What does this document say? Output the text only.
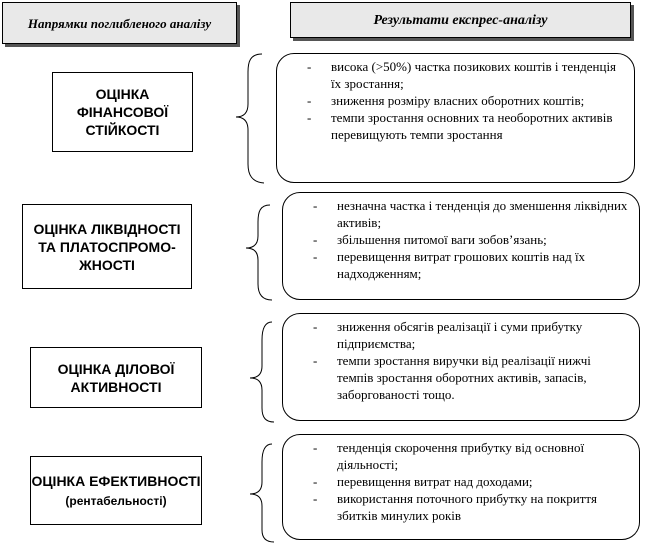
Напрямки поглибленого аналізу	Результати експрес-аналізу
ОЦІНКА ФІНАНСОВОЇ СТІЙКОСТІ
- висока (>50%) частка позикових коштів і тенденція їх зростання;
- зниження розміру власних оборотних коштів;
- темпи зростання основних та необоротних активів перевищують темпи зростання
ОЦІНКА ЛІКВІДНОСТІ ТА ПЛАТОСПРОМО-ЖНОСТІ
- незначна частка і тенденція до зменшення ліквідних активів;
- збільшення питомої ваги зобов’язань;
- перевищення витрат грошових коштів над їх надходженням;
ОЦІНКА ДІЛОВОЇ АКТИВНОСТІ
- зниження обсягів реалізації і суми прибутку підприємства;
- темпи зростання виручки від реалізації нижчі темпів зростання оборотних активів, запасів, заборгованості тощо.
ОЦІНКА ЕФЕКТИВНОСТІ
(рентабельності)
- тенденція скорочення прибутку від основної діяльності;
- перевищення витрат над доходами;
- використання поточного прибутку на покриття збитків минулих років
